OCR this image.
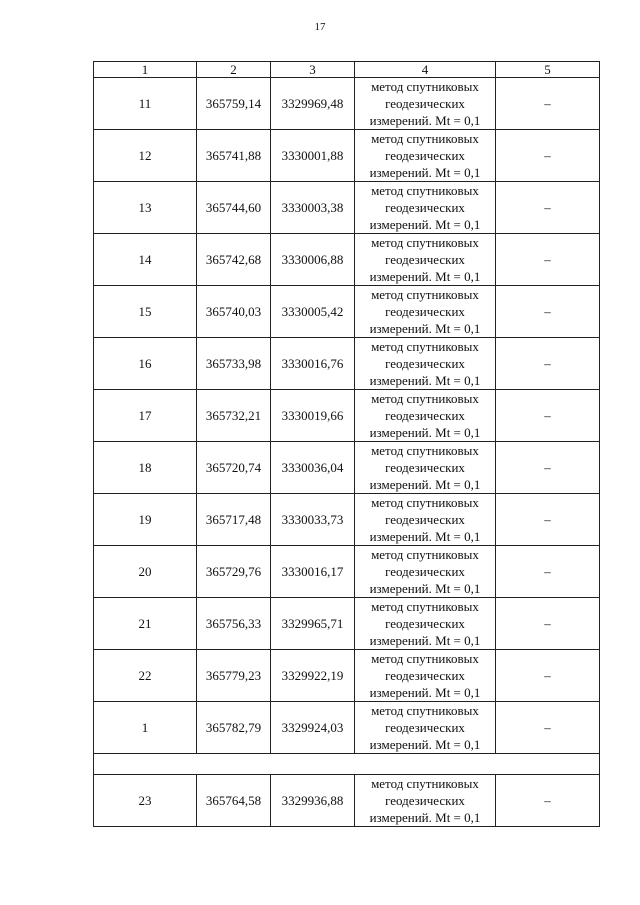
17
1	2	3	4	5
11	365759,14	3329969,48	метод спутниковых
геодезических
измерений. Mt = 0,1	–
12	365741,88	3330001,88	метод спутниковых
геодезических
измерений. Mt = 0,1	–
13	365744,60	3330003,38	метод спутниковых
геодезических
измерений. Mt = 0,1	–
14	365742,68	3330006,88	метод спутниковых
геодезических
измерений. Mt = 0,1	–
15	365740,03	3330005,42	метод спутниковых
геодезических
измерений. Mt = 0,1	–
16	365733,98	3330016,76	метод спутниковых
геодезических
измерений. Mt = 0,1	–
17	365732,21	3330019,66	метод спутниковых
геодезических
измерений. Mt = 0,1	–
18	365720,74	3330036,04	метод спутниковых
геодезических
измерений. Mt = 0,1	–
19	365717,48	3330033,73	метод спутниковых
геодезических
измерений. Mt = 0,1	–
20	365729,76	3330016,17	метод спутниковых
геодезических
измерений. Mt = 0,1	–
21	365756,33	3329965,71	метод спутниковых
геодезических
измерений. Mt = 0,1	–
22	365779,23	3329922,19	метод спутниковых
геодезических
измерений. Mt = 0,1	–
1	365782,79	3329924,03	метод спутниковых
геодезических
измерений. Mt = 0,1	–

23	365764,58	3329936,88	метод спутниковых
геодезических
измерений. Mt = 0,1	–
